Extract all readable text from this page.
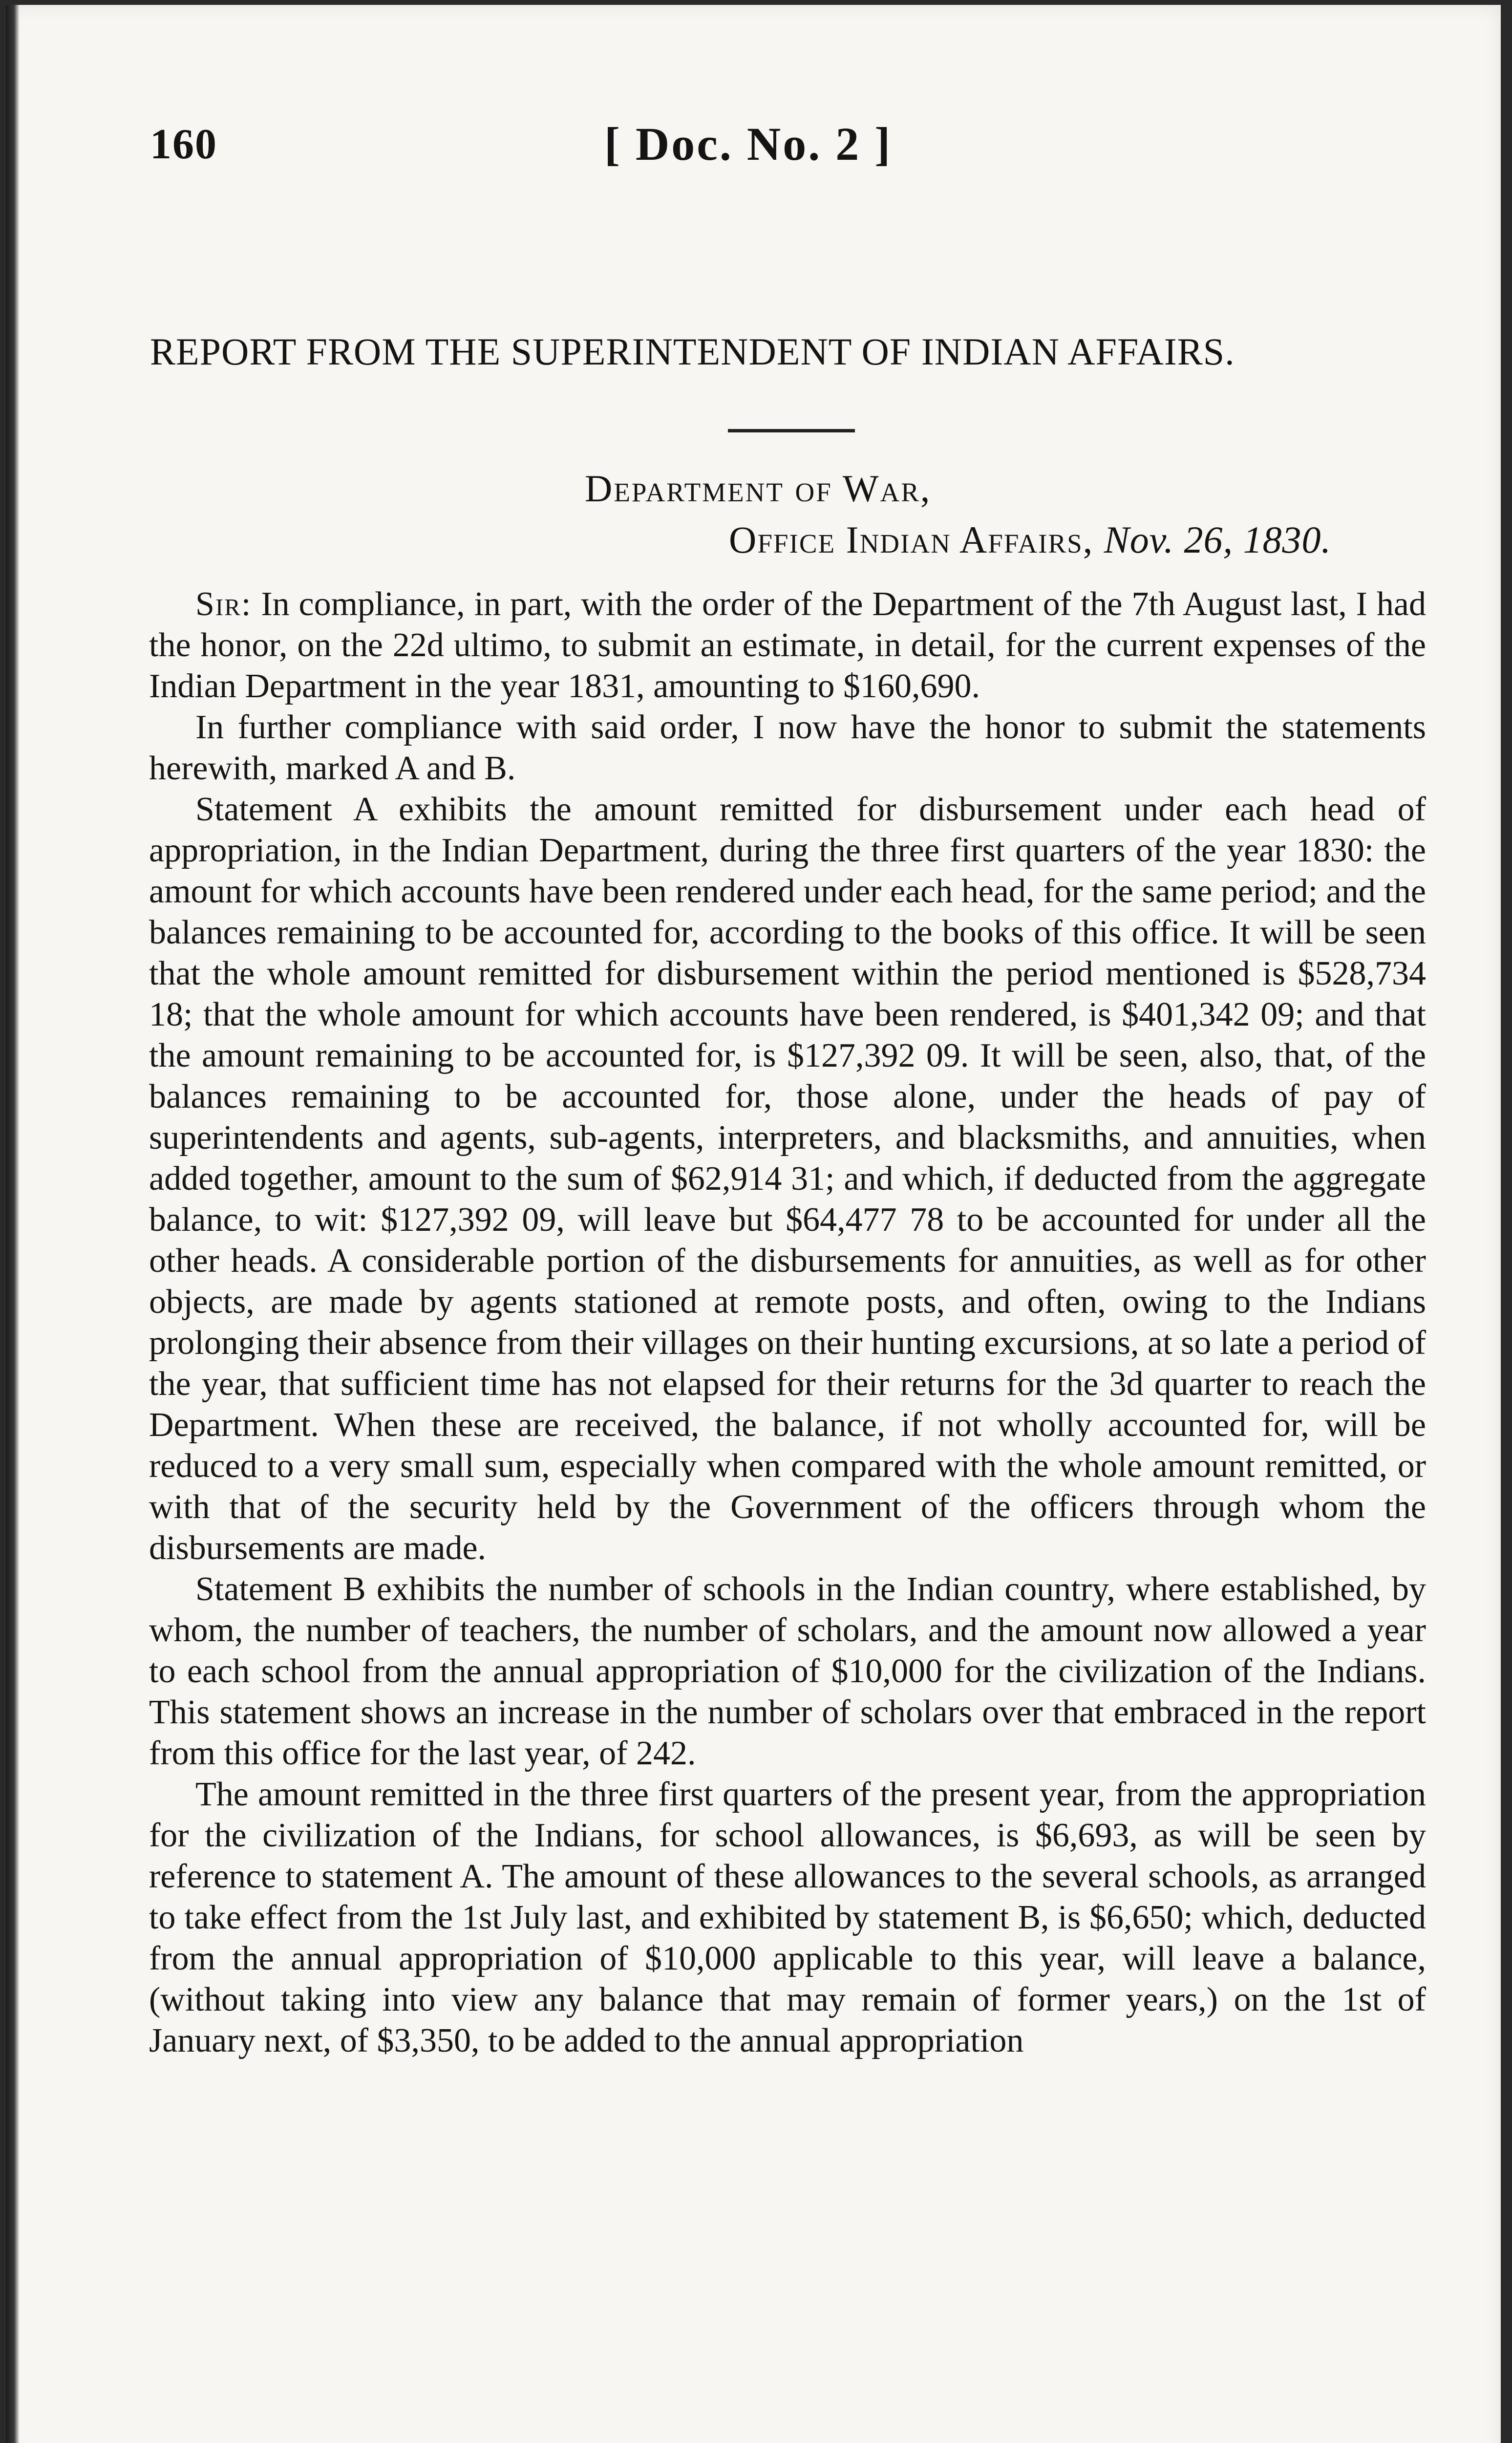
160	[ Doc. No. 2 ]
REPORT FROM THE SUPERINTENDENT OF INDIAN AFFAIRS.
Department of War,
Office Indian Affairs, Nov. 26, 1830.

Sir: In compliance, in part, with the order of the Department of the 7th August last, I had the honor, on the 22d ultimo, to submit an estimate, in detail, for the current expenses of the Indian Department in the year 1831, amounting to $160,690.

In further compliance with said order, I now have the honor to submit the statements herewith, marked A and B.

Statement A exhibits the amount remitted for disbursement under each head of appropriation, in the Indian Department, during the three first quarters of the year 1830: the amount for which accounts have been rendered under each head, for the same period; and the balances remaining to be accounted for, according to the books of this office. It will be seen that the whole amount remitted for disbursement within the period mentioned is $528,734 18; that the whole amount for which accounts have been rendered, is $401,342 09; and that the amount remaining to be accounted for, is $127,392 09. It will be seen, also, that, of the balances remaining to be accounted for, those alone, under the heads of pay of superintendents and agents, sub-agents, interpreters, and blacksmiths, and annuities, when added together, amount to the sum of $62,914 31; and which, if deducted from the aggregate balance, to wit: $127,392 09, will leave but $64,477 78 to be accounted for under all the other heads. A considerable portion of the disbursements for annuities, as well as for other objects, are made by agents stationed at remote posts, and often, owing to the Indians prolonging their absence from their villages on their hunting excursions, at so late a period of the year, that sufficient time has not elapsed for their returns for the 3d quarter to reach the Department. When these are received, the balance, if not wholly accounted for, will be reduced to a very small sum, especially when compared with the whole amount remitted, or with that of the security held by the Government of the officers through whom the disbursements are made.

Statement B exhibits the number of schools in the Indian country, where established, by whom, the number of teachers, the number of scholars, and the amount now allowed a year to each school from the annual appropriation of $10,000 for the civilization of the Indians. This statement shows an increase in the number of scholars over that embraced in the report from this office for the last year, of 242.

The amount remitted in the three first quarters of the present year, from the appropriation for the civilization of the Indians, for school allowances, is $6,693, as will be seen by reference to statement A. The amount of these allowances to the several schools, as arranged to take effect from the 1st July last, and exhibited by statement B, is $6,650; which, deducted from the annual appropriation of $10,000 applicable to this year, will leave a balance, (without taking into view any balance that may remain of former years,) on the 1st of January next, of $3,350, to be added to the annual appropriation
